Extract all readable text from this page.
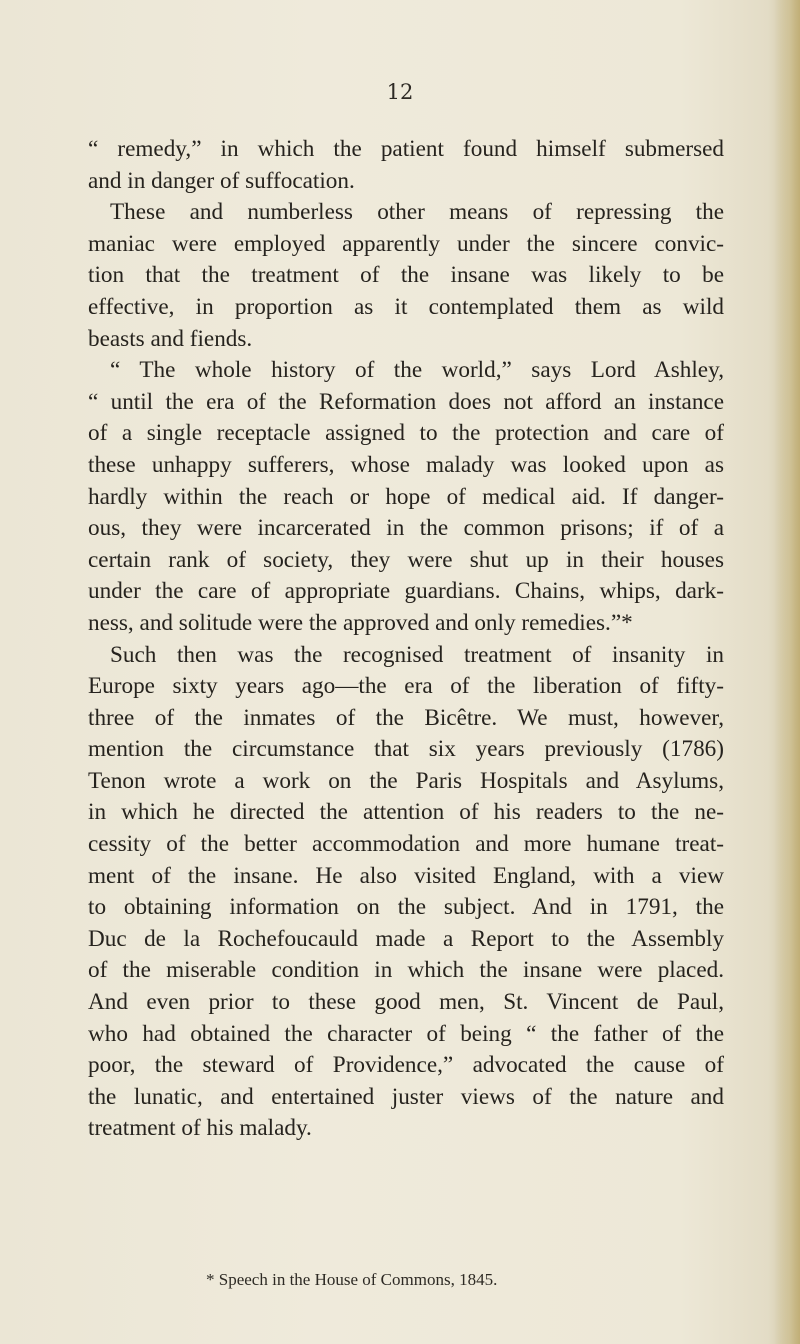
12
“ remedy,” in which the patient found himself submersed
and in danger of suffocation.
These and numberless other means of repressing the
maniac were employed apparently under the sincere convic-
tion that the treatment of the insane was likely to be
effective, in proportion as it contemplated them as wild
beasts and fiends.
“ The whole history of the world,” says Lord Ashley,
“ until the era of the Reformation does not afford an instance
of a single receptacle assigned to the protection and care of
these unhappy sufferers, whose malady was looked upon as
hardly within the reach or hope of medical aid. If danger-
ous, they were incarcerated in the common prisons; if of a
certain rank of society, they were shut up in their houses
under the care of appropriate guardians. Chains, whips, dark-
ness, and solitude were the approved and only remedies.”*
Such then was the recognised treatment of insanity in
Europe sixty years ago—the era of the liberation of fifty-
three of the inmates of the Bicêtre. We must, however,
mention the circumstance that six years previously (1786)
Tenon wrote a work on the Paris Hospitals and Asylums,
in which he directed the attention of his readers to the ne-
cessity of the better accommodation and more humane treat-
ment of the insane. He also visited England, with a view
to obtaining information on the subject. And in 1791, the
Duc de la Rochefoucauld made a Report to the Assembly
of the miserable condition in which the insane were placed.
And even prior to these good men, St. Vincent de Paul,
who had obtained the character of being “ the father of the
poor, the steward of Providence,” advocated the cause of
the lunatic, and entertained juster views of the nature and
treatment of his malady.
* Speech in the House of Commons, 1845.
